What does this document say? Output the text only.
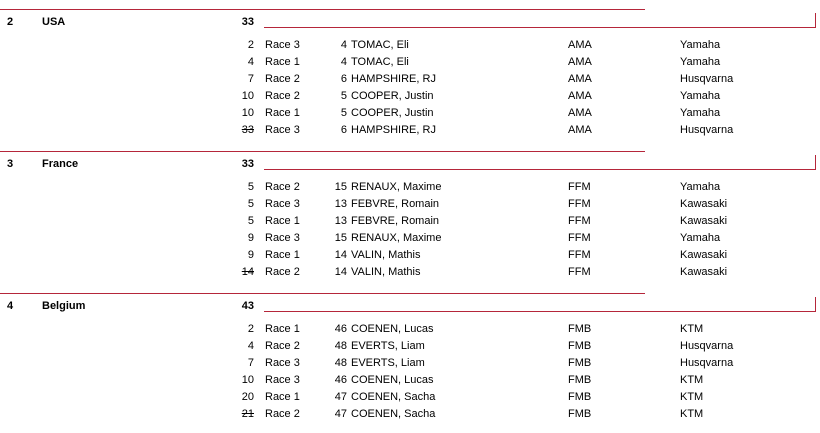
2	USA	33
2 Race 3	4 TOMAC, Eli	AMA	Yamaha
4 Race 1	4 TOMAC, Eli	AMA	Yamaha
7 Race 2	6 HAMPSHIRE, RJ	AMA	Husqvarna
10 Race 2	5 COOPER, Justin	AMA	Yamaha
10 Race 1	5 COOPER, Justin	AMA	Yamaha
33 Race 3	6 HAMPSHIRE, RJ	AMA	Husqvarna
3	France	33
5 Race 2	15 RENAUX, Maxime	FFM	Yamaha
5 Race 3	13 FEBVRE, Romain	FFM	Kawasaki
5 Race 1	13 FEBVRE, Romain	FFM	Kawasaki
9 Race 3	15 RENAUX, Maxime	FFM	Yamaha
9 Race 1	14 VALIN, Mathis	FFM	Kawasaki
14 Race 2	14 VALIN, Mathis	FFM	Kawasaki
4	Belgium	43
2 Race 1	46 COENEN, Lucas	FMB	KTM
4 Race 2	48 EVERTS, Liam	FMB	Husqvarna
7 Race 3	48 EVERTS, Liam	FMB	Husqvarna
10 Race 3	46 COENEN, Lucas	FMB	KTM
20 Race 1	47 COENEN, Sacha	FMB	KTM
21 Race 2	47 COENEN, Sacha	FMB	KTM
